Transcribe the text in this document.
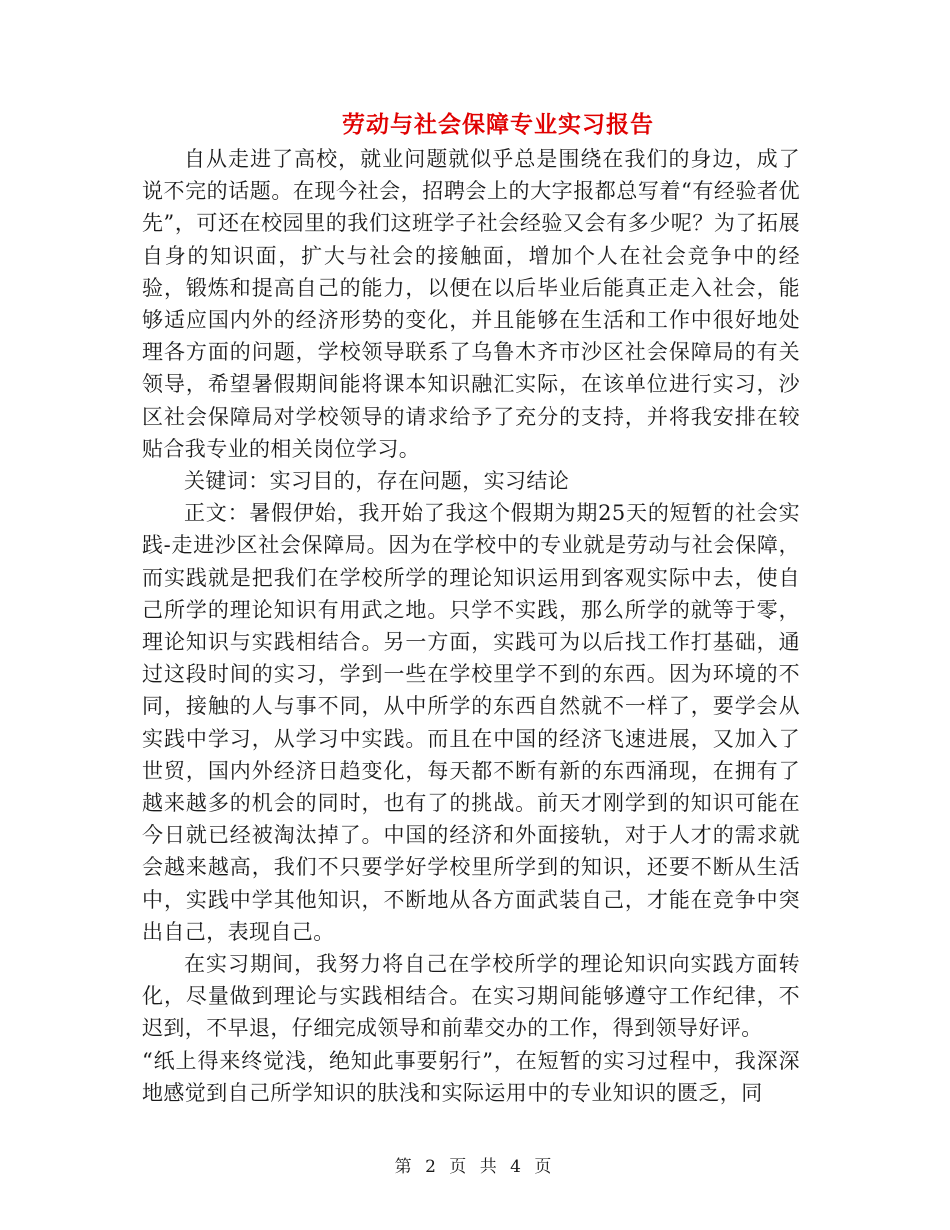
劳动与社会保障专业实习报告

自从走进了高校，就业问题就似乎总是围绕在我们的身边，成了说不完的话题。在现今社会，招聘会上的大字报都总写着“有经验者优先”，可还在校园里的我们这班学子社会经验又会有多少呢？为了拓展自身的知识面，扩大与社会的接触面，增加个人在社会竞争中的经验，锻炼和提高自己的能力，以便在以后毕业后能真正走入社会，能够适应国内外的经济形势的变化，并且能够在生活和工作中很好地处理各方面的问题，学校领导联系了乌鲁木齐市沙区社会保障局的有关领导，希望暑假期间能将课本知识融汇实际，在该单位进行实习，沙区社会保障局对学校领导的请求给予了充分的支持，并将我安排在较贴合我专业的相关岗位学习。

关键词：实习目的，存在问题，实习结论

正文：暑假伊始，我开始了我这个假期为期25天的短暂的社会实践-走进沙区社会保障局。因为在学校中的专业就是劳动与社会保障，而实践就是把我们在学校所学的理论知识运用到客观实际中去，使自己所学的理论知识有用武之地。只学不实践，那么所学的就等于零，理论知识与实践相结合。另一方面，实践可为以后找工作打基础，通过这段时间的实习，学到一些在学校里学不到的东西。因为环境的不同，接触的人与事不同，从中所学的东西自然就不一样了，要学会从实践中学习，从学习中实践。而且在中国的经济飞速进展，又加入了世贸，国内外经济日趋变化，每天都不断有新的东西涌现，在拥有了越来越多的机会的同时，也有了的挑战。前天才刚学到的知识可能在今日就已经被淘汰掉了。中国的经济和外面接轨，对于人才的需求就会越来越高，我们不只要学好学校里所学到的知识，还要不断从生活中，实践中学其他知识，不断地从各方面武装自己，才能在竞争中突出自己，表现自己。

在实习期间，我努力将自己在学校所学的理论知识向实践方面转化，尽量做到理论与实践相结合。在实习期间能够遵守工作纪律，不迟到，不早退，仔细完成领导和前辈交办的工作，得到领导好评。

“纸上得来终觉浅，绝知此事要躬行”，在短暂的实习过程中，我深深地感觉到自己所学知识的肤浅和实际运用中的专业知识的匮乏，同

第 2 页 共 4 页
